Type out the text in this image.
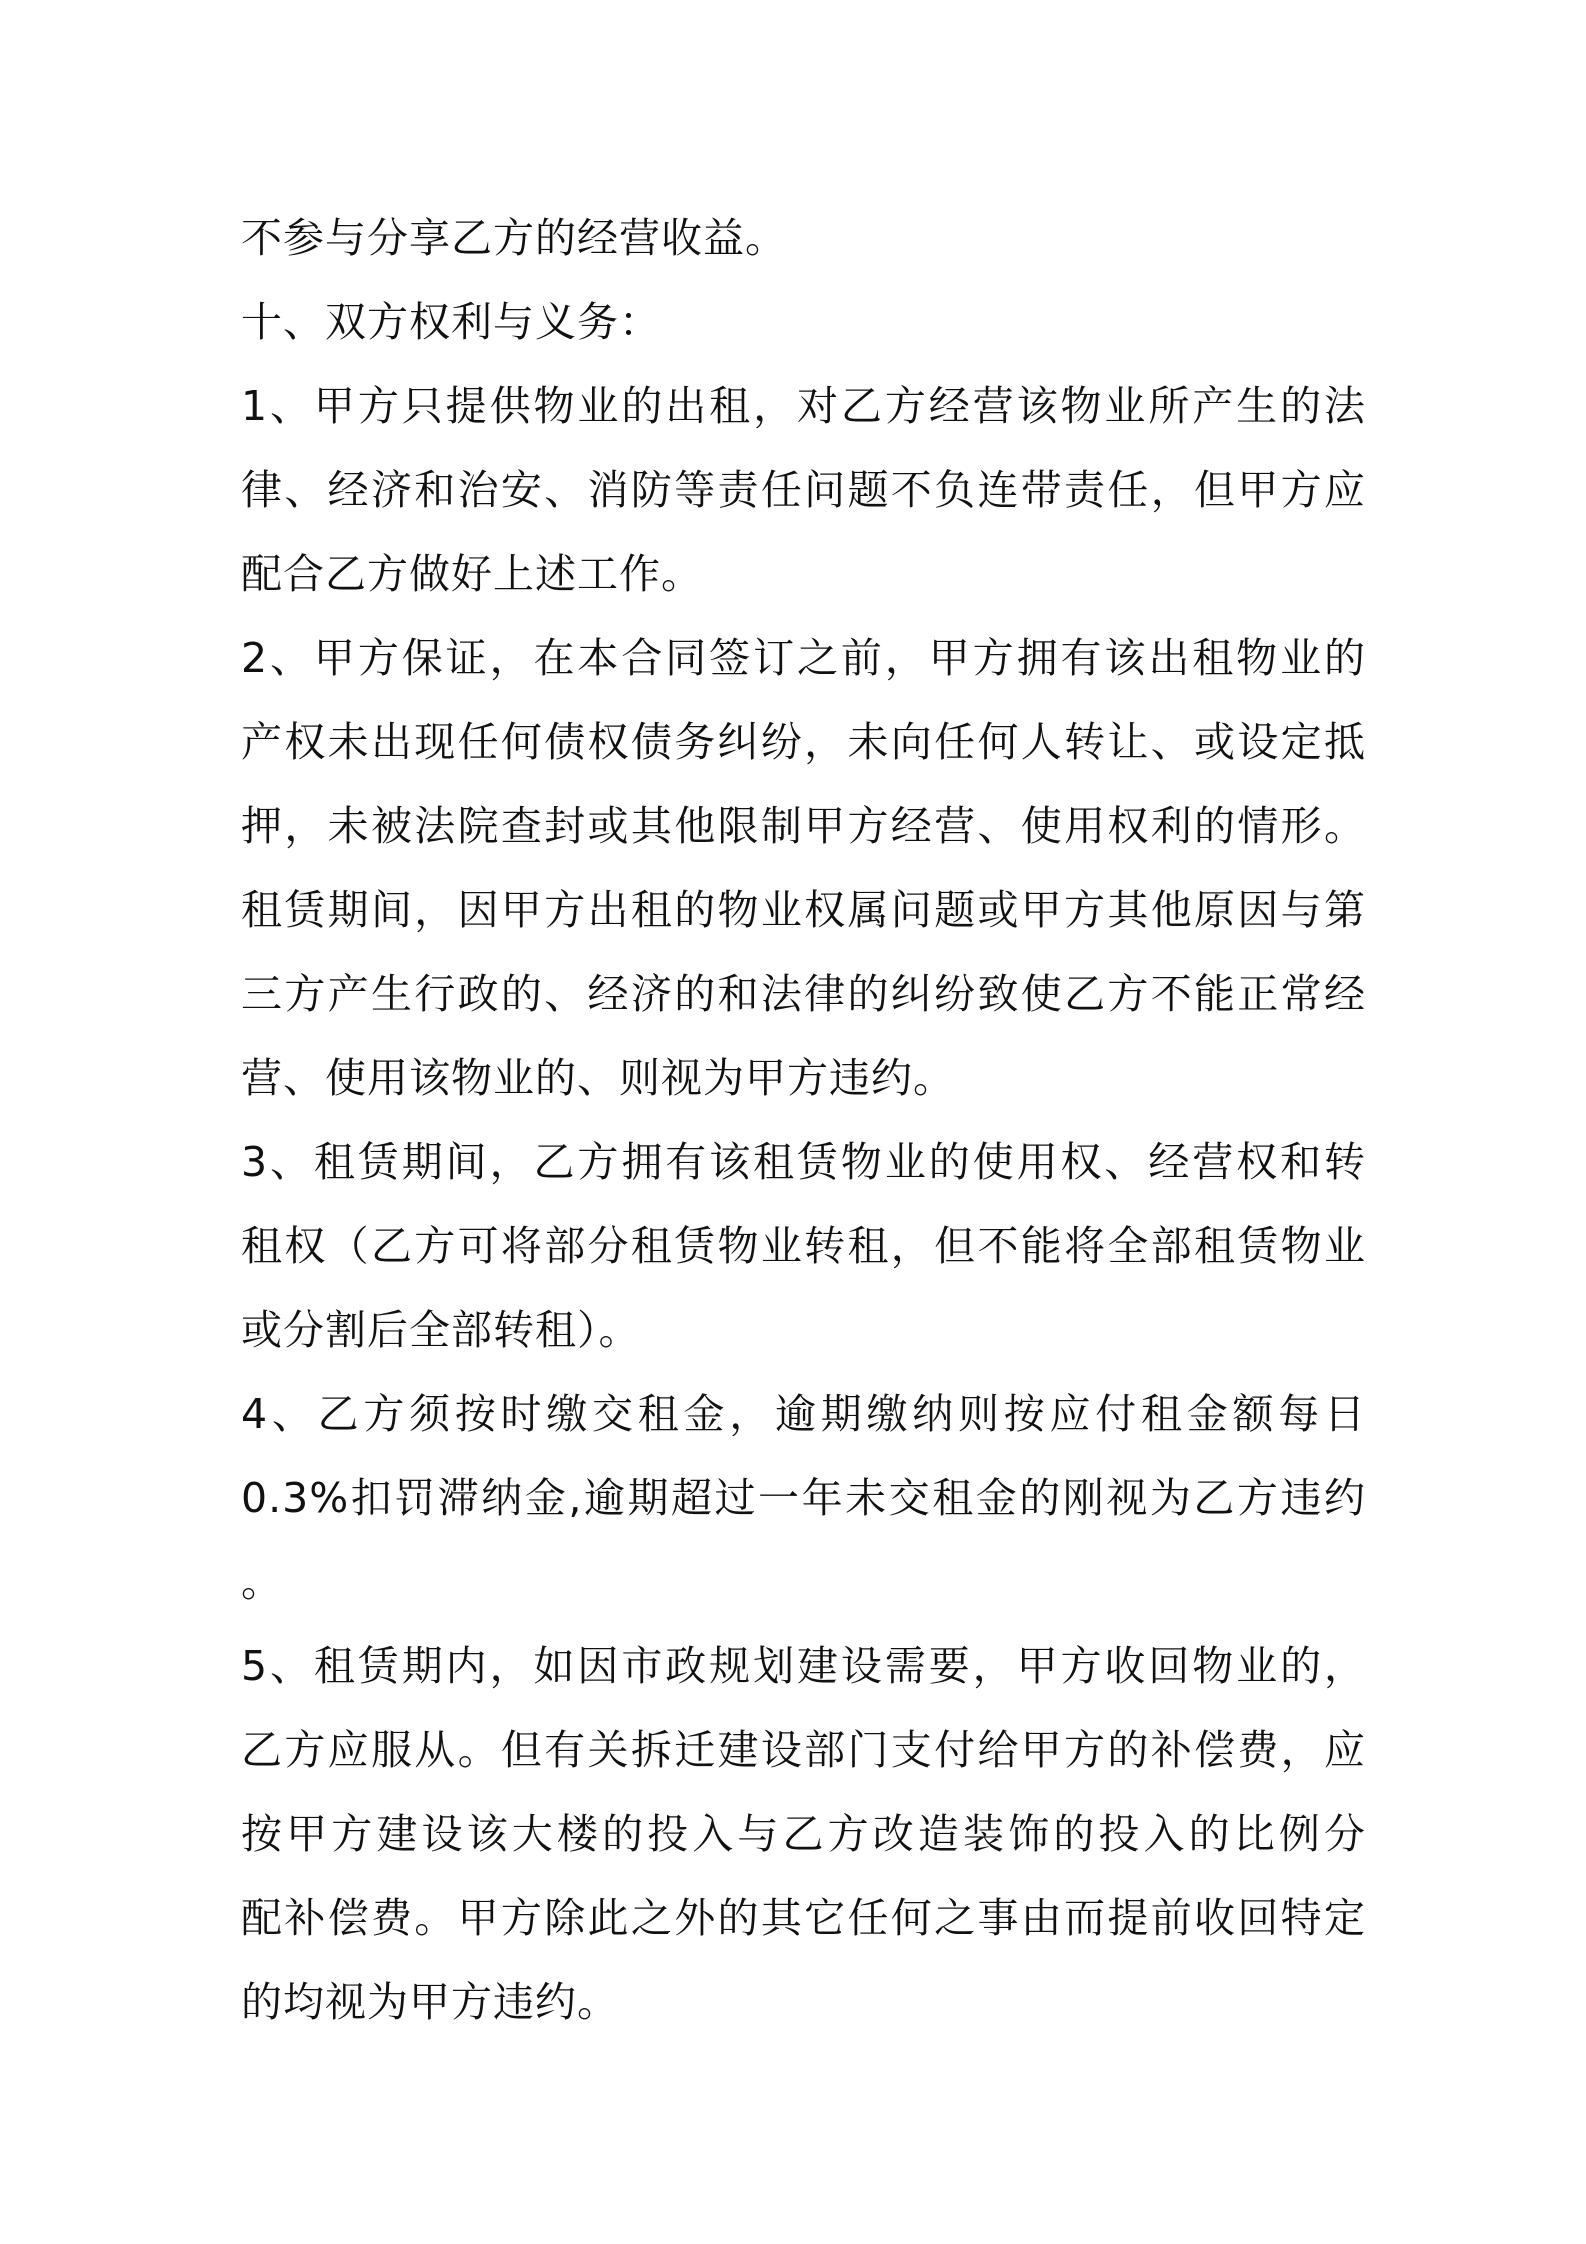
不参与分享乙方的经营收益。
十、双方权利与义务：
1、甲方只提供物业的出租，对乙方经营该物业所产生的法
律、经济和治安、消防等责任问题不负连带责任，但甲方应
配合乙方做好上述工作。
2、甲方保证，在本合同签订之前，甲方拥有该出租物业的
产权未出现任何债权债务纠纷，未向任何人转让、或设定抵
押，未被法院查封或其他限制甲方经营、使用权利的情形。
租赁期间，因甲方出租的物业权属问题或甲方其他原因与第
三方产生行政的、经济的和法律的纠纷致使乙方不能正常经
营、使用该物业的、则视为甲方违约。
3、租赁期间，乙方拥有该租赁物业的使用权、经营权和转
租权（乙方可将部分租赁物业转租，但不能将全部租赁物业
或分割后全部转租）。
4、乙方须按时缴交租金，逾期缴纳则按应付租金额每日
0.3%扣罚滞纳金,逾期超过一年未交租金的刚视为乙方违约
。
5、租赁期内，如因市政规划建设需要，甲方收回物业的，
乙方应服从。但有关拆迁建设部门支付给甲方的补偿费，应
按甲方建设该大楼的投入与乙方改造装饰的投入的比例分
配补偿费。甲方除此之外的其它任何之事由而提前收回特定
的均视为甲方违约。
